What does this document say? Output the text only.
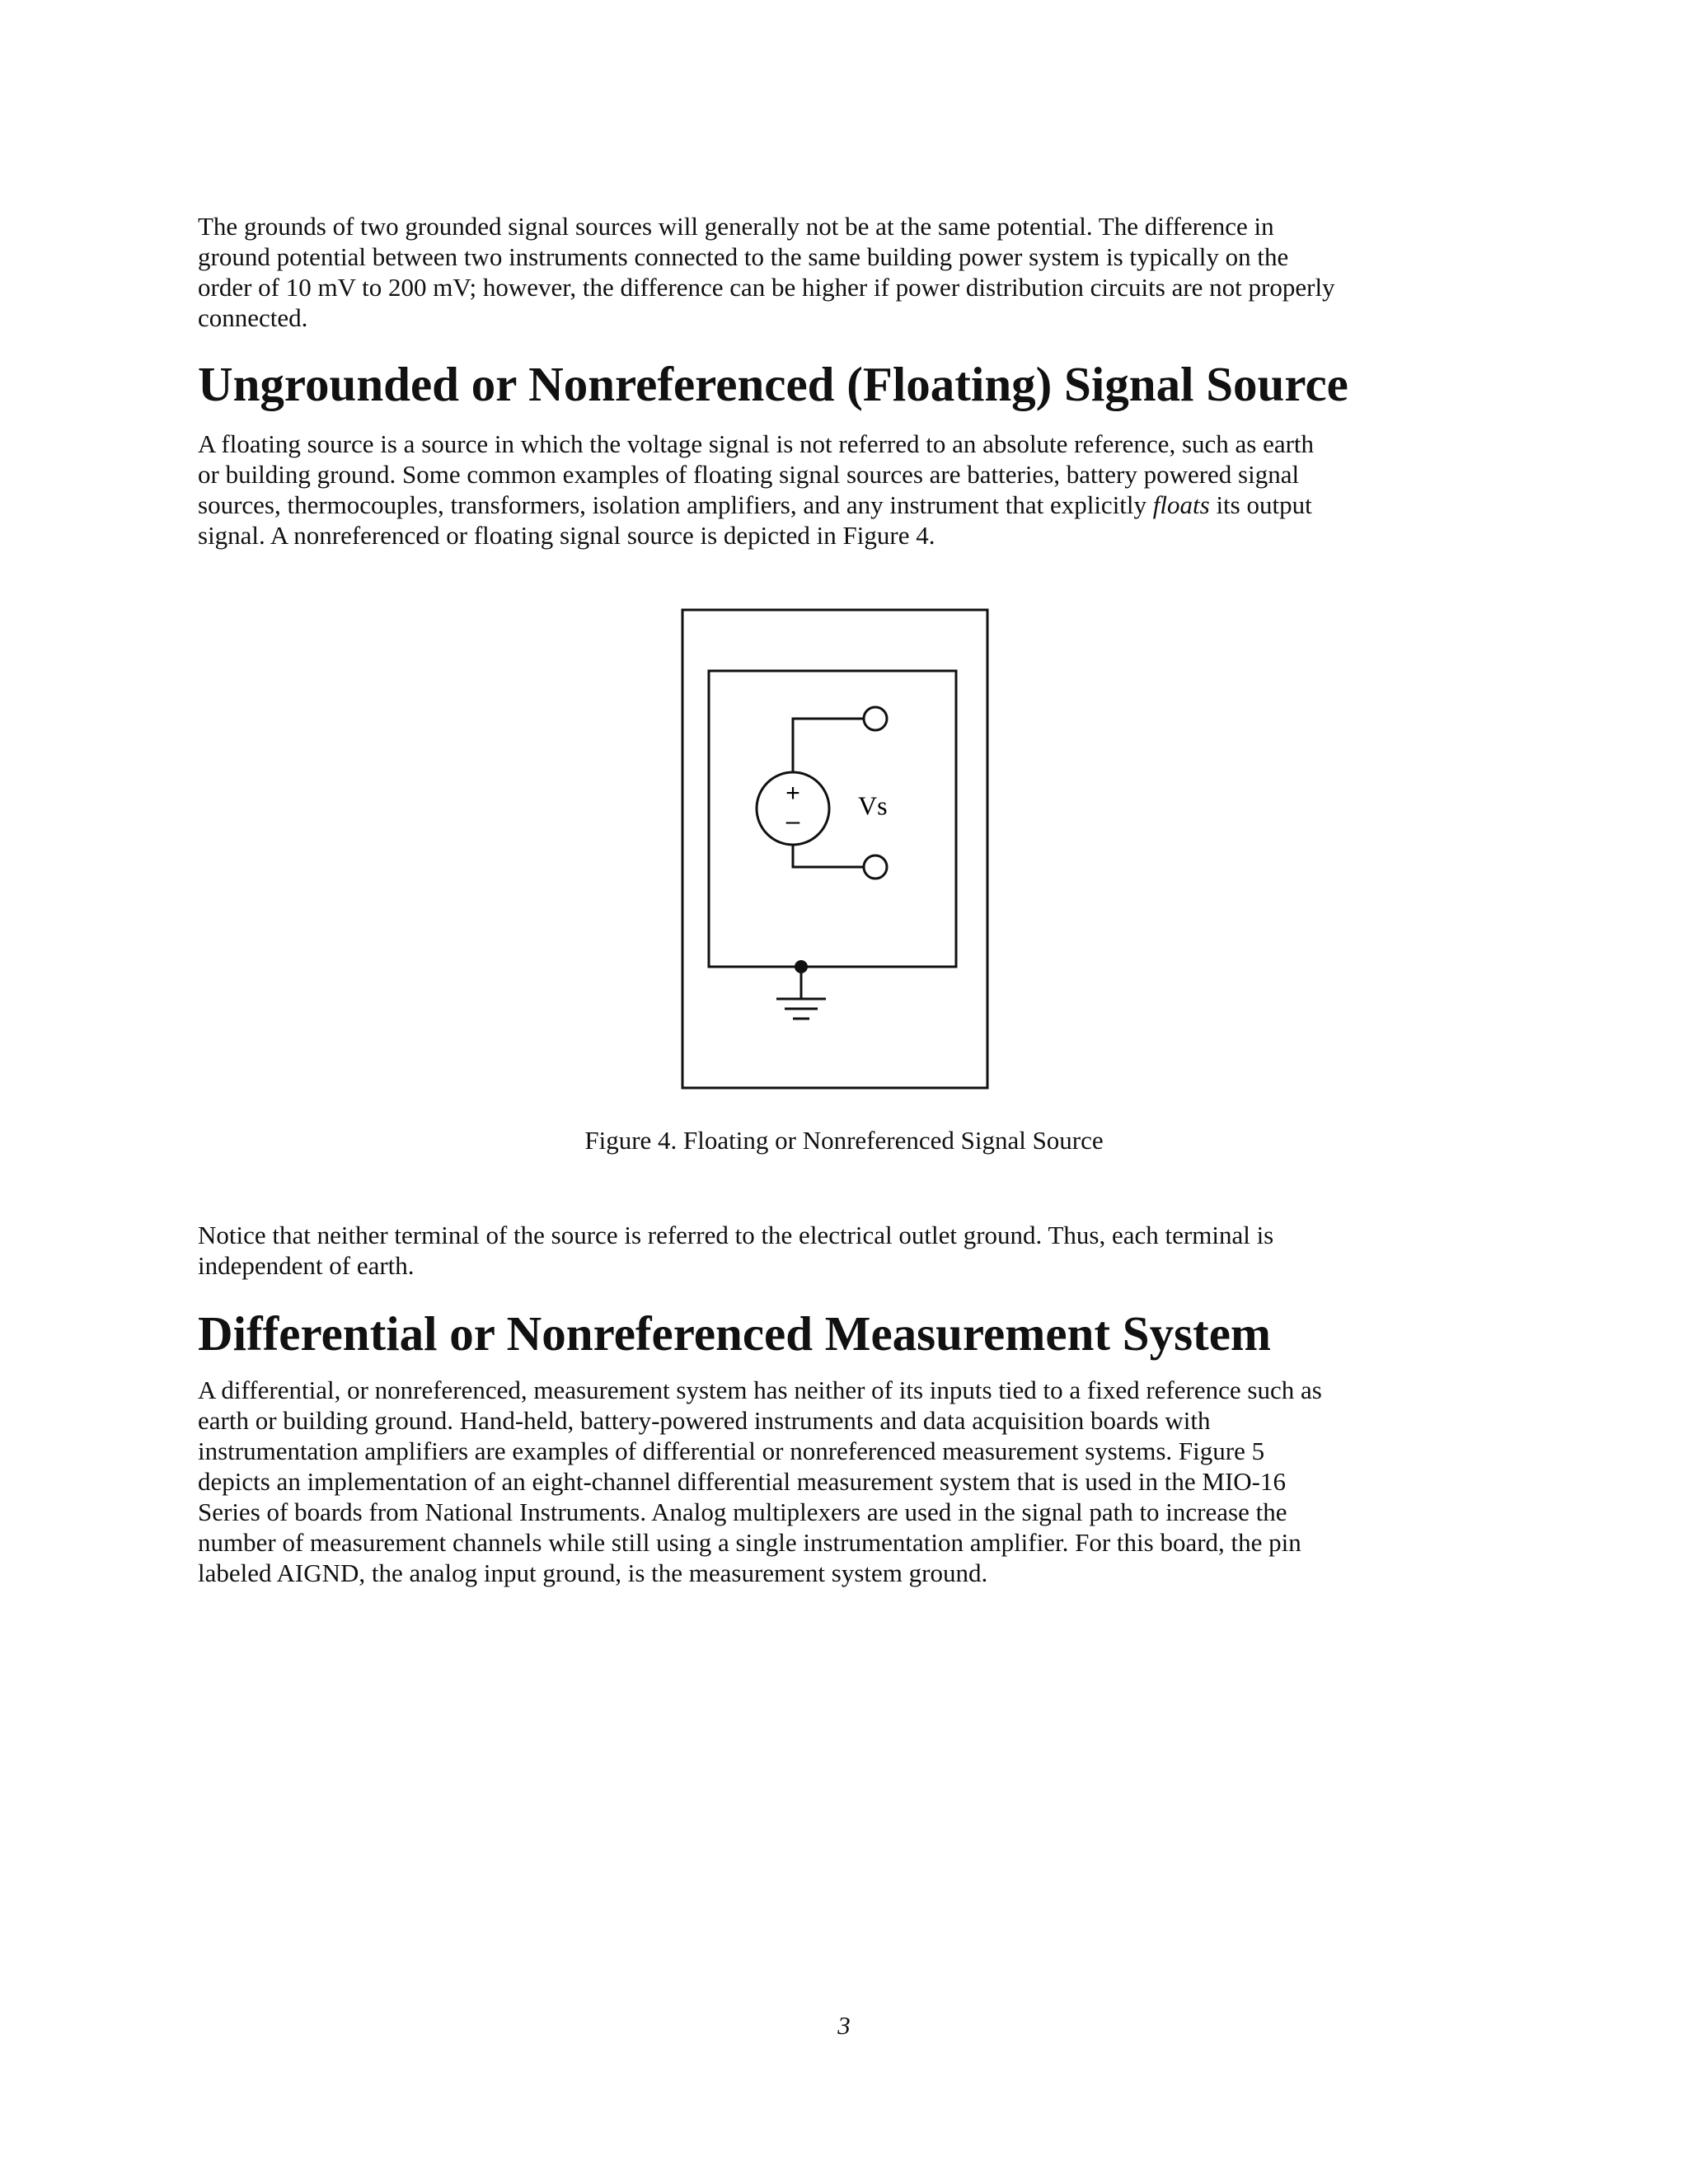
The grounds of two grounded signal sources will generally not be at the same potential. The difference in
ground potential between two instruments connected to the same building power system is typically on the
order of 10 mV to 200 mV; however, the difference can be higher if power distribution circuits are not properly
connected.

Ungrounded or Nonreferenced (Floating) Signal Source

A floating source is a source in which the voltage signal is not referred to an absolute reference, such as earth
or building ground. Some common examples of floating signal sources are batteries, battery powered signal
sources, thermocouples, transformers, isolation amplifiers, and any instrument that explicitly floats its output
signal. A nonreferenced or floating signal source is depicted in Figure 4.

+
–
Vs
Figure 4. Floating or Nonreferenced Signal Source

Notice that neither terminal of the source is referred to the electrical outlet ground. Thus, each terminal is
independent of earth.

Differential or Nonreferenced Measurement System

A differential, or nonreferenced, measurement system has neither of its inputs tied to a fixed reference such as
earth or building ground. Hand-held, battery-powered instruments and data acquisition boards with
instrumentation amplifiers are examples of differential or nonreferenced measurement systems. Figure 5
depicts an implementation of an eight-channel differential measurement system that is used in the MIO-16
Series of boards from National Instruments. Analog multiplexers are used in the signal path to increase the
number of measurement channels while still using a single instrumentation amplifier. For this board, the pin
labeled AIGND, the analog input ground, is the measurement system ground.

3
